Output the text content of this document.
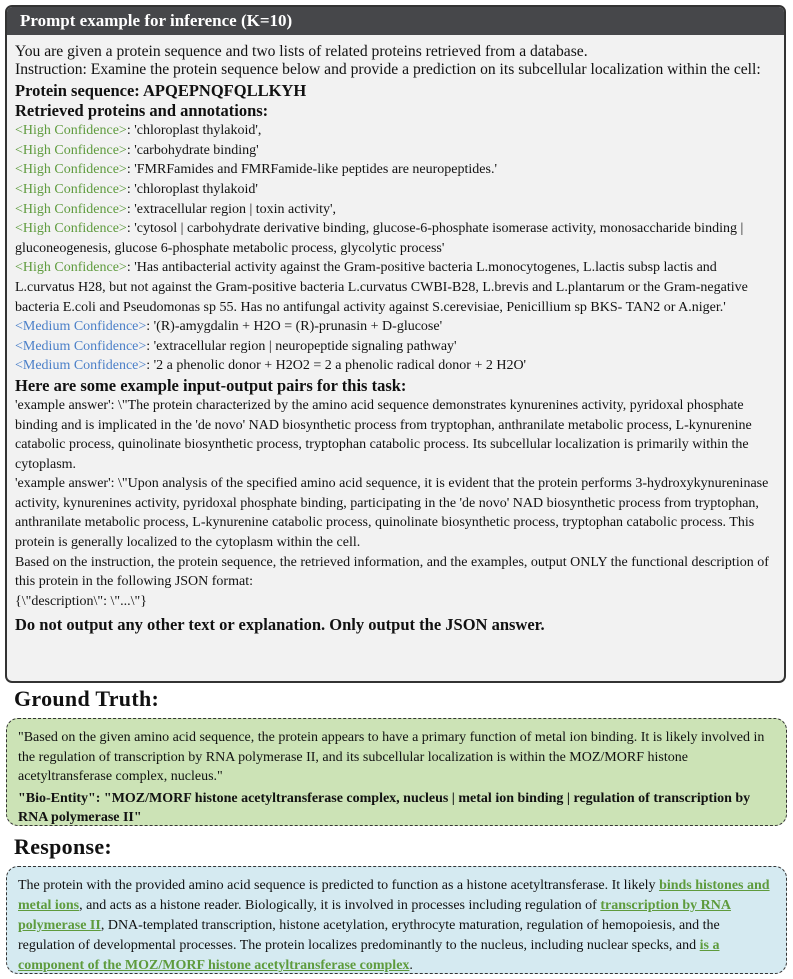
Prompt example for inference (K=10)
You are given a protein sequence and two lists of related proteins retrieved from a database.
Instruction: Examine the protein sequence below and provide a prediction on its subcellular localization within the cell:
Protein sequence: APQEPNQFQLLKYH
Retrieved proteins and annotations:
<High Confidence>: 'chloroplast thylakoid',
<High Confidence>: 'carbohydrate binding'
<High Confidence>: 'FMRFamides and FMRFamide-like peptides are neuropeptides.'
<High Confidence>: 'chloroplast thylakoid'
<High Confidence>: 'extracellular region | toxin activity',
<High Confidence>: 'cytosol | carbohydrate derivative binding, glucose-6-phosphate isomerase activity, monosaccharide binding | gluconeogenesis, glucose 6-phosphate metabolic process, glycolytic process'
<High Confidence>: 'Has antibacterial activity against the Gram-positive bacteria L.monocytogenes, L.lactis subsp lactis and L.curvatus H28, but not against the Gram-positive bacteria L.curvatus CWBI-B28, L.brevis and L.plantarum or the Gram-negative bacteria E.coli and Pseudomonas sp 55. Has no antifungal activity against S.cerevisiae, Penicillium sp BKS- TAN2 or A.niger.'
<Medium Confidence>: '(R)-amygdalin + H2O = (R)-prunasin + D-glucose'
<Medium Confidence>: 'extracellular region | neuropeptide signaling pathway'
<Medium Confidence>: '2 a phenolic donor + H2O2 = 2 a phenolic radical donor + 2 H2O'
Here are some example input-output pairs for this task:
'example answer': \"The protein characterized by the amino acid sequence demonstrates kynurenines activity, pyridoxal phosphate binding and is implicated in the 'de novo' NAD biosynthetic process from tryptophan, anthranilate metabolic process, L-kynurenine catabolic process, quinolinate biosynthetic process, tryptophan catabolic process. Its subcellular localization is primarily within the cytoplasm.
'example answer': \"Upon analysis of the specified amino acid sequence, it is evident that the protein performs 3-hydroxykynureninase activity, kynurenines activity, pyridoxal phosphate binding, participating in the 'de novo' NAD biosynthetic process from tryptophan, anthranilate metabolic process, L-kynurenine catabolic process, quinolinate biosynthetic process, tryptophan catabolic process. This protein is generally localized to the cytoplasm within the cell.
Based on the instruction, the protein sequence, the retrieved information, and the examples, output ONLY the functional description of this protein in the following JSON format:
{\"description\": \"...\"}
Do not output any other text or explanation. Only output the JSON answer.
Ground Truth:
"Based on the given amino acid sequence, the protein appears to have a primary function of metal ion binding. It is likely involved in the regulation of transcription by RNA polymerase II, and its subcellular localization is within the MOZ/MORF histone acetyltransferase complex, nucleus."
"Bio-Entity": "MOZ/MORF histone acetyltransferase complex, nucleus | metal ion binding | regulation of transcription by RNA polymerase II"
Response:
The protein with the provided amino acid sequence is predicted to function as a histone acetyltransferase. It likely binds histones and metal ions, and acts as a histone reader. Biologically, it is involved in processes including regulation of transcription by RNA polymerase II, DNA-templated transcription, histone acetylation, erythrocyte maturation, regulation of hemopoiesis, and the regulation of developmental processes. The protein localizes predominantly to the nucleus, including nuclear specks, and is a component of the MOZ/MORF histone acetyltransferase complex.
